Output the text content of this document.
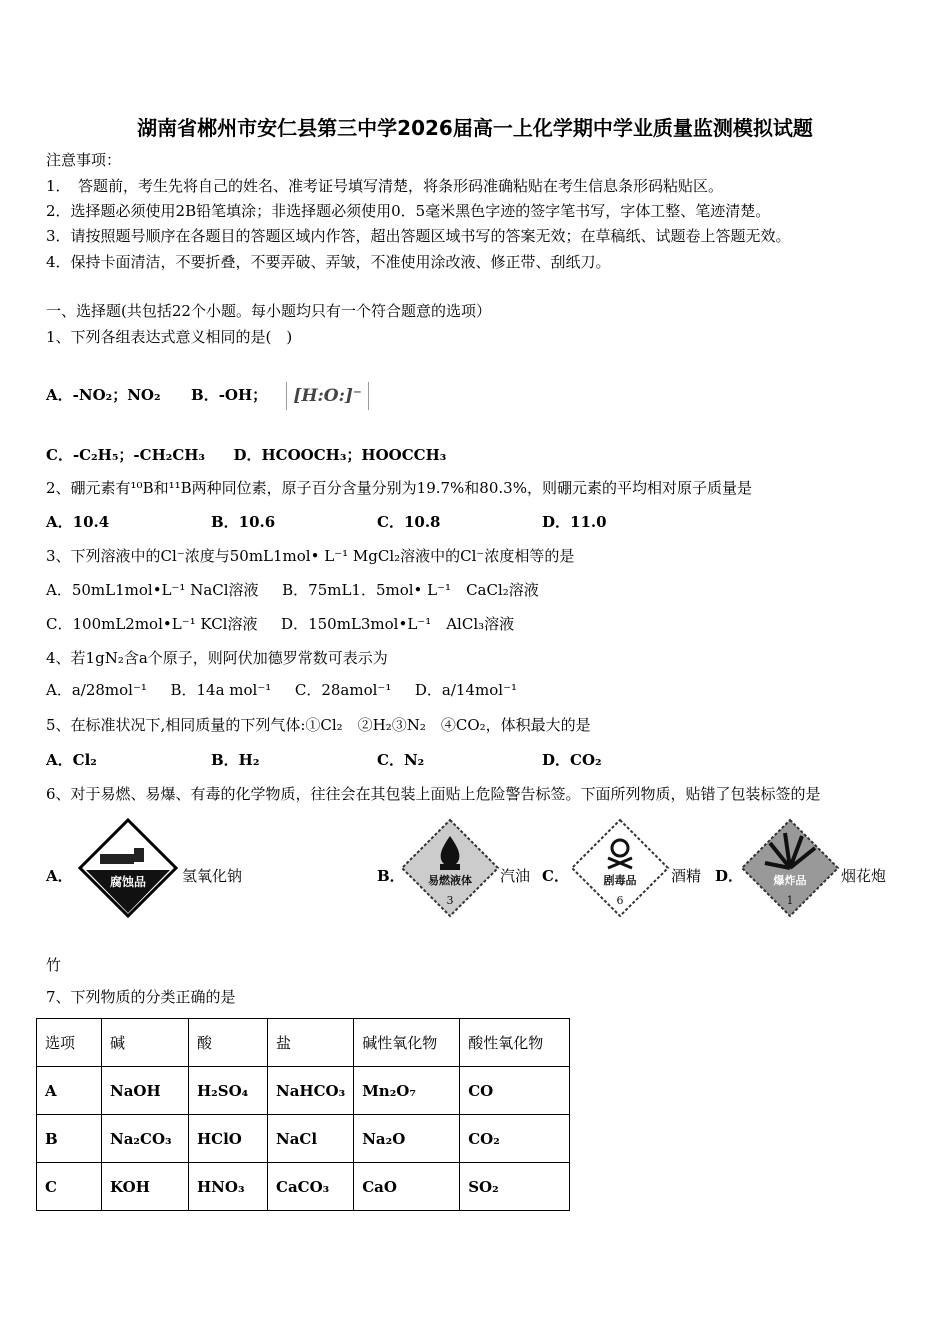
湖南省郴州市安仁县第三中学2026届高一上化学期中学业质量监测模拟试题
注意事项：
1．　答题前，考生先将自己的姓名、准考证号填写清楚，将条形码准确粘贴在考生信息条形码粘贴区。
2．选择题必须使用2B铅笔填涂；非选择题必须使用0．5毫米黑色字迹的签字笔书写，字体工整、笔迹清楚。
3．请按照题号顺序在各题目的答题区域内作答，超出答题区域书写的答案无效；在草稿纸、试题卷上答题无效。
4．保持卡面清洁，不要折叠，不要弄破、弄皱，不准使用涂改液、修正带、刮纸刀。
一、选择题(共包括22个小题。每小题均只有一个符合题意的选项）
1、下列各组表达式意义相同的是(　)
A．-NO₂；NO₂ B．-OH； [H:O:]⁻
C．-C₂H₅；-CH₂CH₃ D．HCOOCH₃；HOOCCH₃
2、硼元素有¹⁰B和¹¹B两种同位素，原子百分含量分别为19.7%和80.3%，则硼元素的平均相对原子质量是
A．10.4	B．10.6	C．10.8	D．11.0
3、下列溶液中的Cl⁻浓度与50mL1mol• L⁻¹ MgCl₂溶液中的Cl⁻浓度相等的是
A．50mL1mol•L⁻¹ NaCl溶液 B．75mL1．5mol• L⁻¹　CaCl₂溶液
C．100mL2mol•L⁻¹ KCl溶液 D．150mL3mol•L⁻¹　AlCl₃溶液
4、若1gN₂含a个原子，则阿伏加德罗常数可表示为
A．a/28mol⁻¹ B．14a mol⁻¹ C．28amol⁻¹ D．a/14mol⁻¹
5、在标准状况下,相同质量的下列气体:①Cl₂　②H₂③N₂　④CO₂，体积最大的是
A．Cl₂	B．H₂	C．N₂	D．CO₂
6、对于易燃、易爆、有毒的化学物质，往往会在其包装上面贴上危险警告标签。下面所列物质，贴错了包装标签的是
A．	腐蚀品 氢氧化钠	B． 易燃液体
3
汽油 C．	剧毒品
6
酒精 D．	爆炸品
1
烟花炮
竹
7、下列物质的分类正确的是
选项	碱	酸	盐	碱性氧化物	酸性氧化物
A	NaOH	H₂SO₄	NaHCO₃	Mn₂O₇	CO
B	Na₂CO₃	HClO	NaCl	Na₂O	CO₂
C	KOH	HNO₃	CaCO₃	CaO	SO₂
